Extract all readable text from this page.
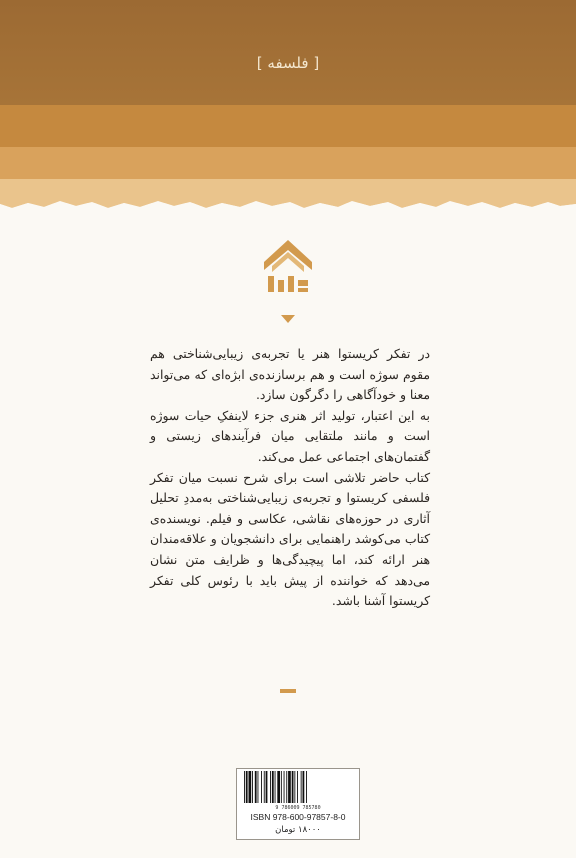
[ فلسفه ]

در تفکر کریستوا هنر یا تجربه‌ی زیبایی‌شناختی هم مقوم سوژه است و هم برسازنده‌ی ابژه‌ای که می‌تواند معنا و خودآگاهی را دگرگون سازد.

به این اعتبار، تولید اثر هنری جزء لاینفکِ حیات سوژه است و مانند ملتقایی میان فرآیندهای زیستی و گفتمان‌های اجتماعی عمل می‌کند.

کتاب حاضر تلاشی است برای شرح نسبت میان تفکر فلسفی کریستوا و تجربه‌ی زیبایی‌شناختی به‌مددِ تحلیل آثاری در حوزه‌های نقاشی، عکاسی و فیلم. نویسنده‌ی کتاب می‌کوشد راهنمایی برای دانشجویان و علاقه‌مندان هنر ارائه کند، اما پیچیدگی‌ها و ظرایف متن نشان می‌دهد که خواننده از پیش باید با رئوس کلی تفکر کریستوا آشنا باشد.

9 786009 785780
ISBN 978-600-97857-8-0
۱۸۰۰۰ تومان
